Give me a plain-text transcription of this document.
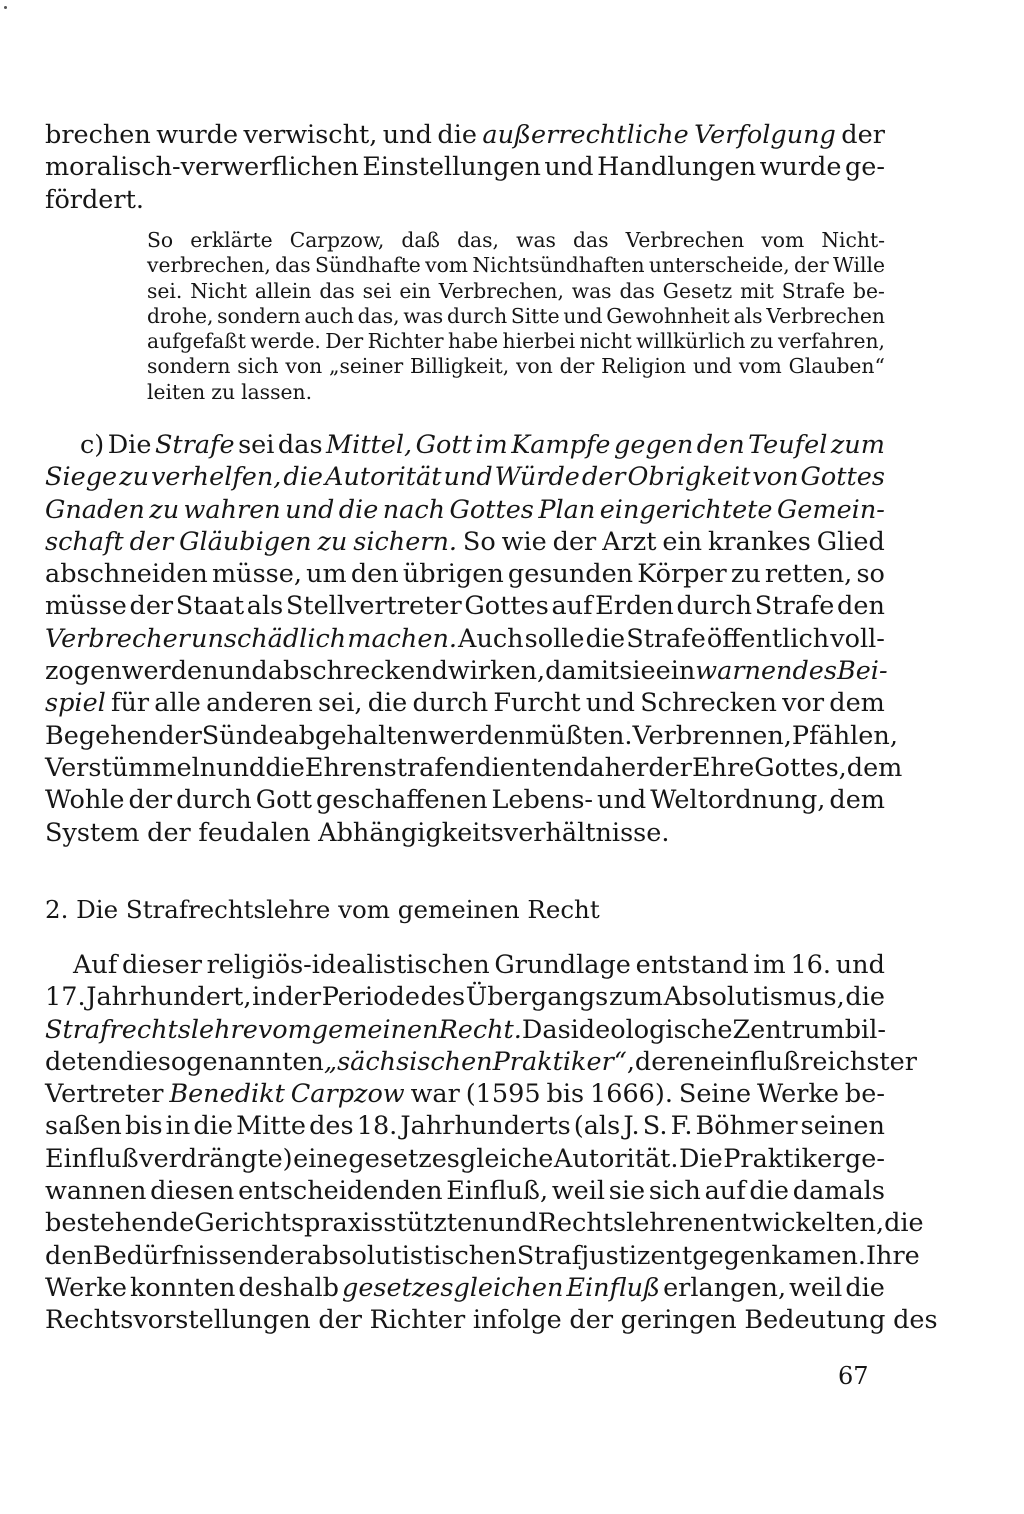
brechen wurde verwischt, und die außerrechtliche Verfolgung der
moralisch-verwerflichen Einstellungen und Handlungen wurde ge-
fördert.
So erklärte Carpzow, daß das, was das Verbrechen vom Nicht-
verbrechen, das Sündhafte vom Nichtsündhaften unterscheide, der Wille
sei. Nicht allein das sei ein Verbrechen, was das Gesetz mit Strafe be-
drohe, sondern auch das, was durch Sitte und Gewohnheit als Verbrechen
aufgefaßt werde. Der Richter habe hierbei nicht willkürlich zu verfahren,
sondern sich von „seiner Billigkeit, von der Religion und vom Glauben“
leiten zu lassen.
c) Die Strafe sei das Mittel, Gott im Kampfe gegen den Teufel zum
Siege zu verhelfen, die Autorität und Würde der Obrigkeit von Gottes
Gnaden zu wahren und die nach Gottes Plan eingerichtete Gemein-
schaft der Gläubigen zu sichern. So wie der Arzt ein krankes Glied
abschneiden müsse, um den übrigen gesunden Körper zu retten, so
müsse der Staat als Stellvertreter Gottes auf Erden durch Strafe den
Verbrecher unschädlich machen. Auch solle die Strafe öffentlich voll-
zogen werden und abschreckend wirken, damit sie ein warnendes Bei-
spiel für alle anderen sei, die durch Furcht und Schrecken vor dem
Begehen der Sünde abgehalten werden müßten. Verbrennen, Pfählen,
Verstümmeln und die Ehrenstrafen dienten daher der Ehre Gottes, dem
Wohle der durch Gott geschaffenen Lebens- und Weltordnung, dem
System der feudalen Abhängigkeitsverhältnisse.
2. Die Strafrechtslehre vom gemeinen Recht
Auf dieser religiös-idealistischen Grundlage entstand im 16. und
17. Jahrhundert, in der Periode des Übergangs zum Absolutismus, die
Strafrechtslehre vom gemeinen Recht. Das ideologische Zentrum bil-
deten die sogenannten „sächsischen Praktiker“, deren einflußreichster
Vertreter Benedikt Carpzow war (1595 bis 1666). Seine Werke be-
saßen bis in die Mitte des 18. Jahrhunderts (als J. S. F. Böhmer seinen
Einfluß verdrängte) eine gesetzesgleiche Autorität. Die Praktiker ge-
wannen diesen entscheidenden Einfluß, weil sie sich auf die damals
bestehende Gerichtspraxis stützten und Rechtslehren entwickelten, die
den Bedürfnissen der absolutistischen Strafjustiz entgegenkamen. Ihre
Werke konnten deshalb gesetzesgleichen Einfluß erlangen, weil die
Rechtsvorstellungen der Richter infolge der geringen Bedeutung des
67
